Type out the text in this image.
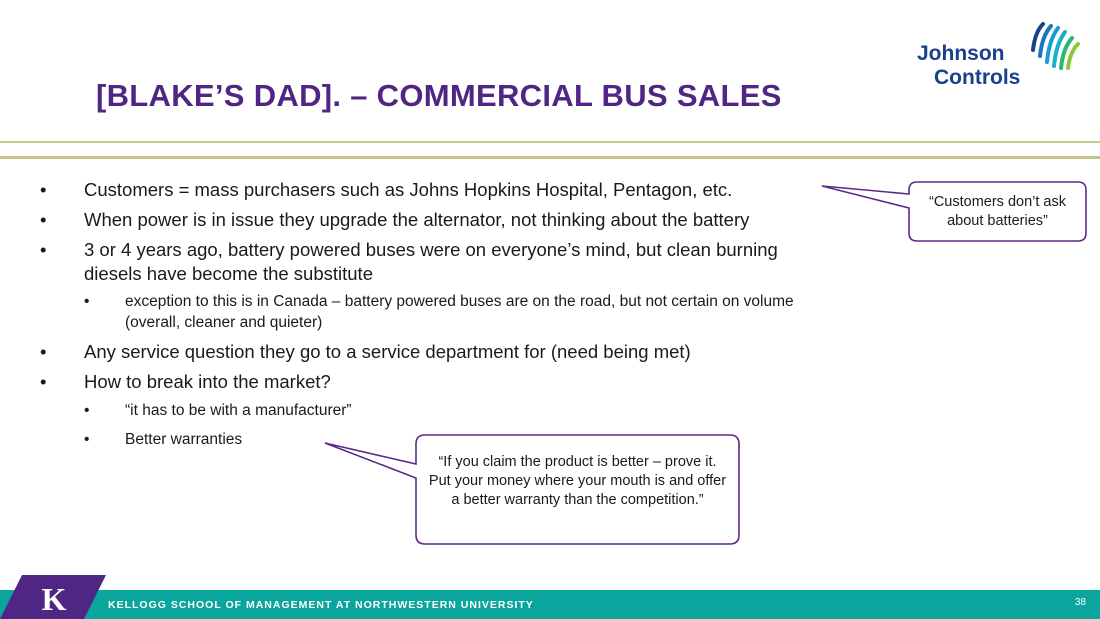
[BLAKE’S DAD]. – COMMERCIAL BUS SALES
Johnson
Controls
• Customers = mass purchasers such as Johns Hopkins Hospital, Pentagon, etc.
• When power is in issue they upgrade the alternator, not thinking about the battery
• 3 or 4 years ago, battery powered buses were on everyone’s mind, but clean burning diesels have become the substitute
• exception to this is in Canada – battery powered buses are on the road, but not certain on volume (overall, cleaner and quieter)
• Any service question they go to a service department for (need being met)
• How to break into the market?
• “it has to be with a manufacturer”
• Better warranties
“Customers don’t ask about batteries”
“If you claim the product is better – prove it. Put your money where your mouth is and offer a better warranty than the competition.”
KELLOGG SCHOOL OF MANAGEMENT AT NORTHWESTERN UNIVERSITY	38
K
